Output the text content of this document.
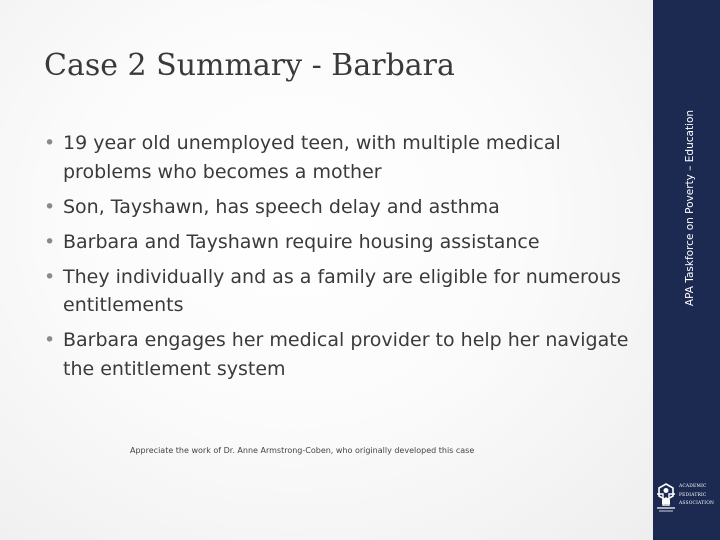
Case 2 Summary - Barbara
• 19 year old unemployed teen, with multiple medical problems who becomes a mother
• Son, Tayshawn, has speech delay and asthma
• Barbara and Tayshawn require housing assistance
• They individually and as a family are eligible for numerous entitlements
• Barbara engages her medical provider to help her navigate the entitlement system
Appreciate the work of Dr. Anne Armstrong-Coben, who originally developed this case
APA Taskforce on Poverty – Education
ACADEMIC
PEDIATRIC
ASSOCIATION
